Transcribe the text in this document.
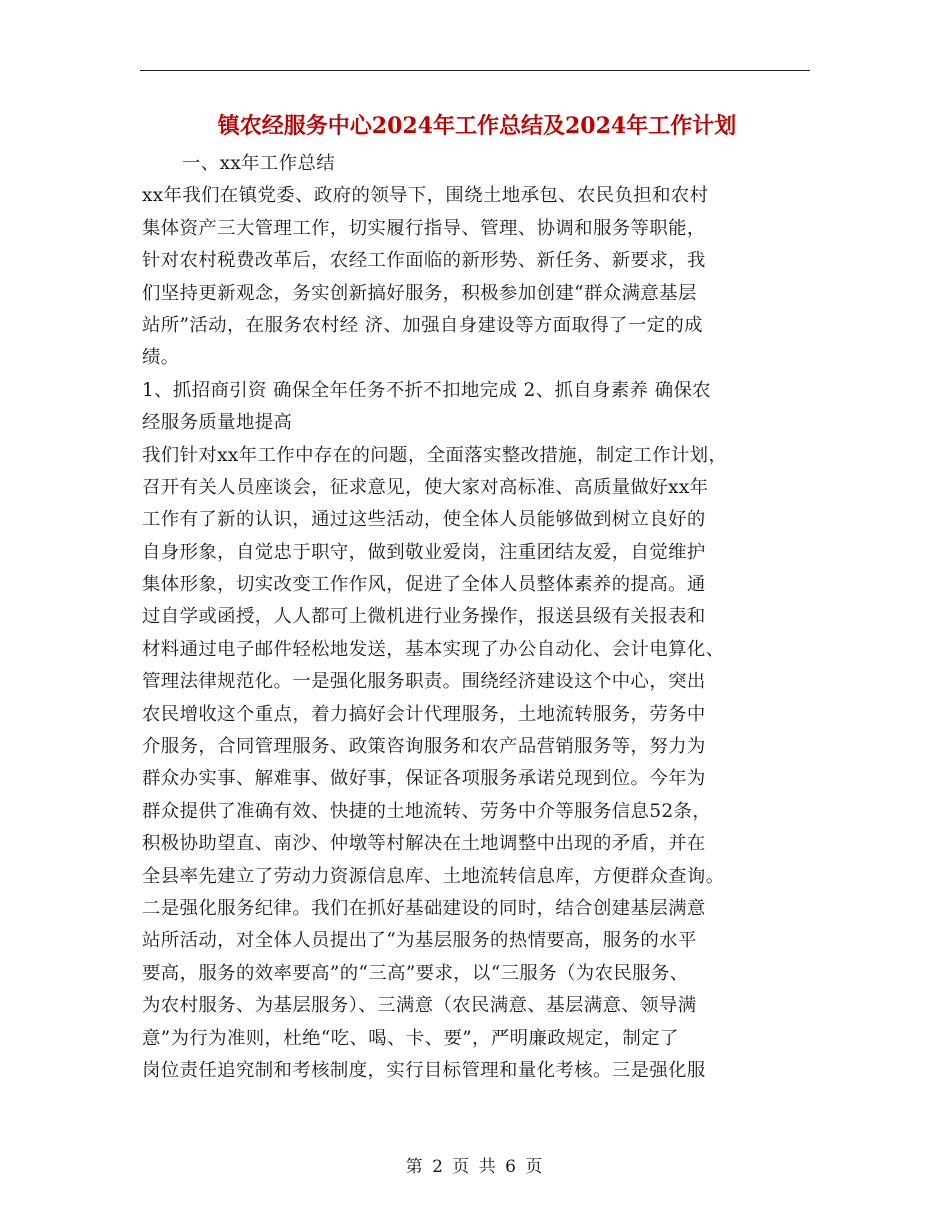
镇农经服务中心2024年工作总结及2024年工作计划

一、xx年工作总结

xx年我们在镇党委、政府的领导下，围绕土地承包、农民负担和农村

集体资产三大管理工作，切实履行指导、管理、协调和服务等职能，

针对农村税费改革后，农经工作面临的新形势、新任务、新要求，我

们坚持更新观念，务实创新搞好服务，积极参加创建“群众满意基层

站所”活动，在服务农村经 济、加强自身建设等方面取得了一定的成

绩。

1、抓招商引资 确保全年任务不折不扣地完成 2、抓自身素养 确保农

经服务质量地提高

我们针对xx年工作中存在的问题，全面落实整改措施，制定工作计划，

召开有关人员座谈会，征求意见，使大家对高标准、高质量做好xx年

工作有了新的认识，通过这些活动，使全体人员能够做到树立良好的

自身形象，自觉忠于职守，做到敬业爱岗，注重团结友爱，自觉维护

集体形象，切实改变工作作风，促进了全体人员整体素养的提高。通

过自学或函授，人人都可上微机进行业务操作，报送县级有关报表和

材料通过电子邮件轻松地发送，基本实现了办公自动化、会计电算化、

管理法律规范化。一是强化服务职责。围绕经济建设这个中心，突出

农民增收这个重点，着力搞好会计代理服务，土地流转服务，劳务中

介服务，合同管理服务、政策咨询服务和农产品营销服务等，努力为

群众办实事、解难事、做好事，保证各项服务承诺兑现到位。今年为

群众提供了准确有效、快捷的土地流转、劳务中介等服务信息52条，

积极协助望直、南沙、仲墩等村解决在土地调整中出现的矛盾，并在

全县率先建立了劳动力资源信息库、土地流转信息库，方便群众查询。

二是强化服务纪律。我们在抓好基础建设的同时，结合创建基层满意

站所活动，对全体人员提出了“为基层服务的热情要高，服务的水平

要高，服务的效率要高”的“三高”要求，以“三服务（为农民服务、

为农村服务、为基层服务）、三满意（农民满意、基层满意、领导满

意”为行为准则，杜绝“吃、喝、卡、要”，严明廉政规定，制定了

岗位责任追究制和考核制度，实行目标管理和量化考核。三是强化服

第 2 页 共 6 页
